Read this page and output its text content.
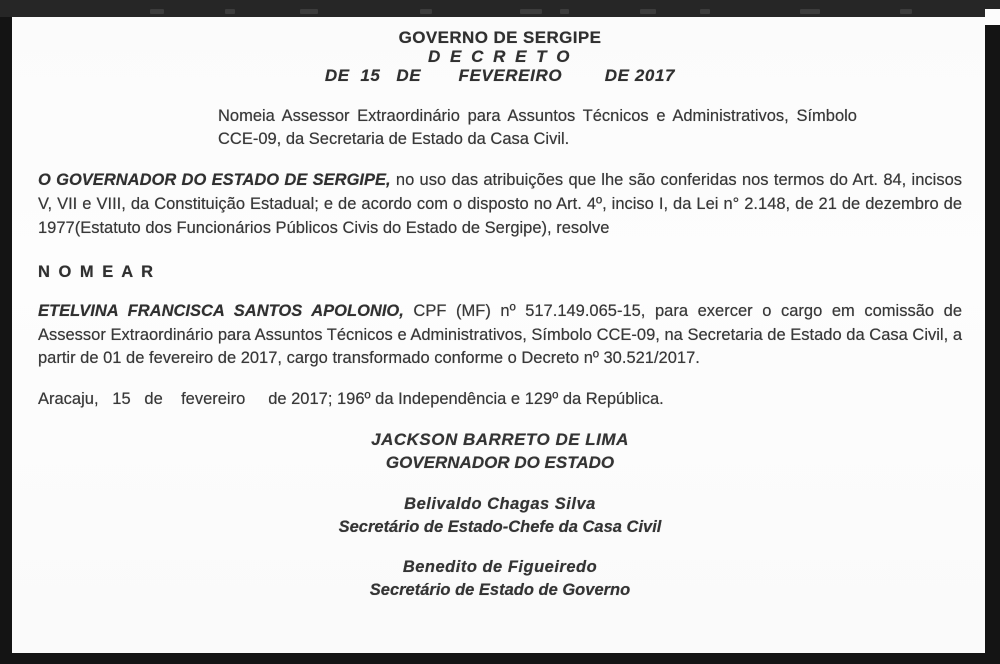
GOVERNO DE SERGIPE
D E C R E T O
DE  15   DE       FEVEREIRO        DE 2017

Nomeia Assessor Extraordinário para Assuntos Técnicos e Administrativos, Símbolo CCE-09, da Secretaria de Estado da Casa Civil.

O GOVERNADOR DO ESTADO DE SERGIPE, no uso das atribuições que lhe são conferidas nos termos do Art. 84, incisos V, VII e VIII, da Constituição Estadual; e de acordo com o disposto no Art. 4º, inciso I, da Lei n° 2.148, de 21 de dezembro de 1977(Estatuto dos Funcionários Públicos Civis do Estado de Sergipe), resolve

N O M E A R

ETELVINA FRANCISCA SANTOS APOLONIO, CPF (MF) nº 517.149.065-15, para exercer o cargo em comissão de Assessor Extraordinário para Assuntos Técnicos e Administrativos, Símbolo CCE-09, na Secretaria de Estado da Casa Civil, a partir de 01 de fevereiro de 2017, cargo transformado conforme o Decreto nº 30.521/2017.

Aracaju,   15   de    fevereiro     de 2017; 196º da Independência e 129º da República.

JACKSON BARRETO DE LIMA
GOVERNADOR DO ESTADO
Belivaldo Chagas Silva
Secretário de Estado-Chefe da Casa Civil
Benedito de Figueiredo
Secretário de Estado de Governo
